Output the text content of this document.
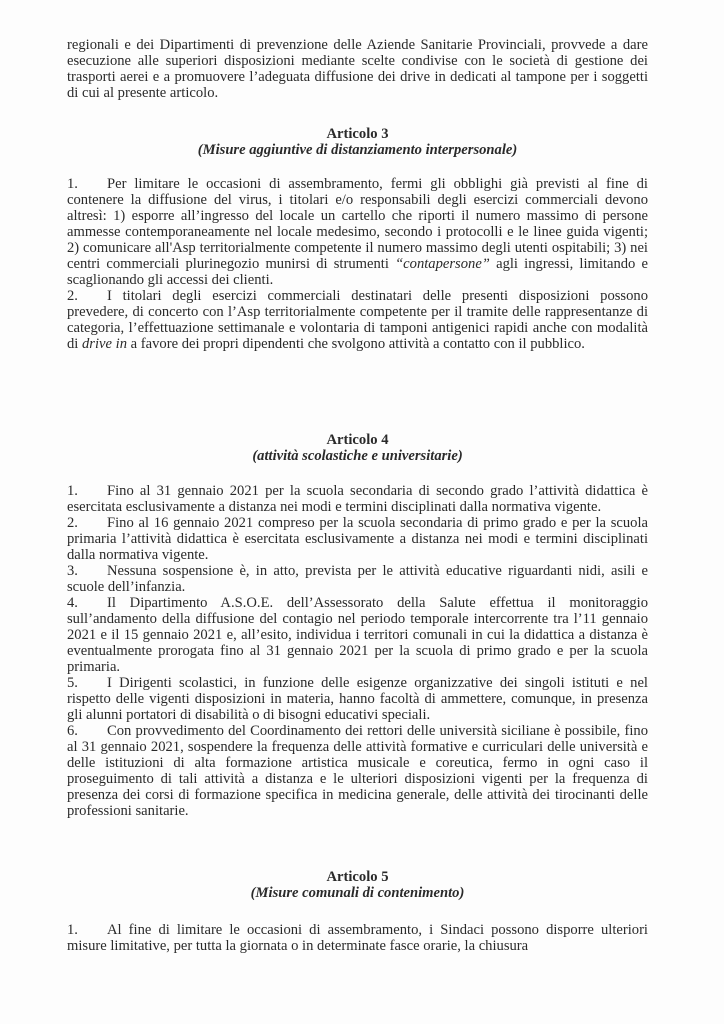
regionali e dei Dipartimenti di prevenzione delle Aziende Sanitarie Provinciali, provvede a dare esecuzione alle superiori disposizioni mediante scelte condivise con le società di gestione dei trasporti aerei e a promuovere l’adeguata diffusione dei drive in dedicati al tampone per i soggetti di cui al presente articolo.

Articolo 3
(Misure aggiuntive di distanziamento interpersonale)

1. Per limitare le occasioni di assembramento, fermi gli obblighi già previsti al fine di contenere la diffusione del virus, i titolari e/o responsabili degli esercizi commerciali devono altresì: 1) esporre all’ingresso del locale un cartello che riporti il numero massimo di persone ammesse contemporaneamente nel locale medesimo, secondo i protocolli e le linee guida vigenti; 2) comunicare all'Asp territorialmente competente il numero massimo degli utenti ospitabili; 3) nei centri commerciali plurinegozio munirsi di strumenti “contapersone” agli ingressi, limitando e scaglionando gli accessi dei clienti.

2. I titolari degli esercizi commerciali destinatari delle presenti disposizioni possono prevedere, di concerto con l’Asp territorialmente competente per il tramite delle rappresentanze di categoria, l’effettuazione settimanale e volontaria di tamponi antigenici rapidi anche con modalità di drive in a favore dei propri dipendenti che svolgono attività a contatto con il pubblico.

Articolo 4
(attività scolastiche e universitarie)

1. Fino al 31 gennaio 2021 per la scuola secondaria di secondo grado l’attività didattica è esercitata esclusivamente a distanza nei modi e termini disciplinati dalla normativa vigente.

2. Fino al 16 gennaio 2021 compreso per la scuola secondaria di primo grado e per la scuola primaria l’attività didattica è esercitata esclusivamente a distanza nei modi e termini disciplinati dalla normativa vigente.

3. Nessuna sospensione è, in atto, prevista per le attività educative riguardanti nidi, asili e scuole dell’infanzia.

4. Il Dipartimento A.S.O.E. dell’Assessorato della Salute effettua il monitoraggio sull’andamento della diffusione del contagio nel periodo temporale intercorrente tra l’11 gennaio 2021 e il 15 gennaio 2021 e, all’esito, individua i territori comunali in cui la didattica a distanza è eventualmente prorogata fino al 31 gennaio 2021 per la scuola di primo grado e per la scuola primaria.

5. I Dirigenti scolastici, in funzione delle esigenze organizzative dei singoli istituti e nel rispetto delle vigenti disposizioni in materia, hanno facoltà di ammettere, comunque, in presenza gli alunni portatori di disabilità o di bisogni educativi speciali.

6. Con provvedimento del Coordinamento dei rettori delle università siciliane è possibile, fino al 31 gennaio 2021, sospendere la frequenza delle attività formative e curriculari delle università e delle istituzioni di alta formazione artistica musicale e coreutica, fermo in ogni caso il proseguimento di tali attività a distanza e le ulteriori disposizioni vigenti per la frequenza di presenza dei corsi di formazione specifica in medicina generale, delle attività dei tirocinanti delle professioni sanitarie.

Articolo 5
(Misure comunali di contenimento)

1. Al fine di limitare le occasioni di assembramento, i Sindaci possono disporre ulteriori misure limitative, per tutta la giornata o in determinate fasce orarie, la chiusura
